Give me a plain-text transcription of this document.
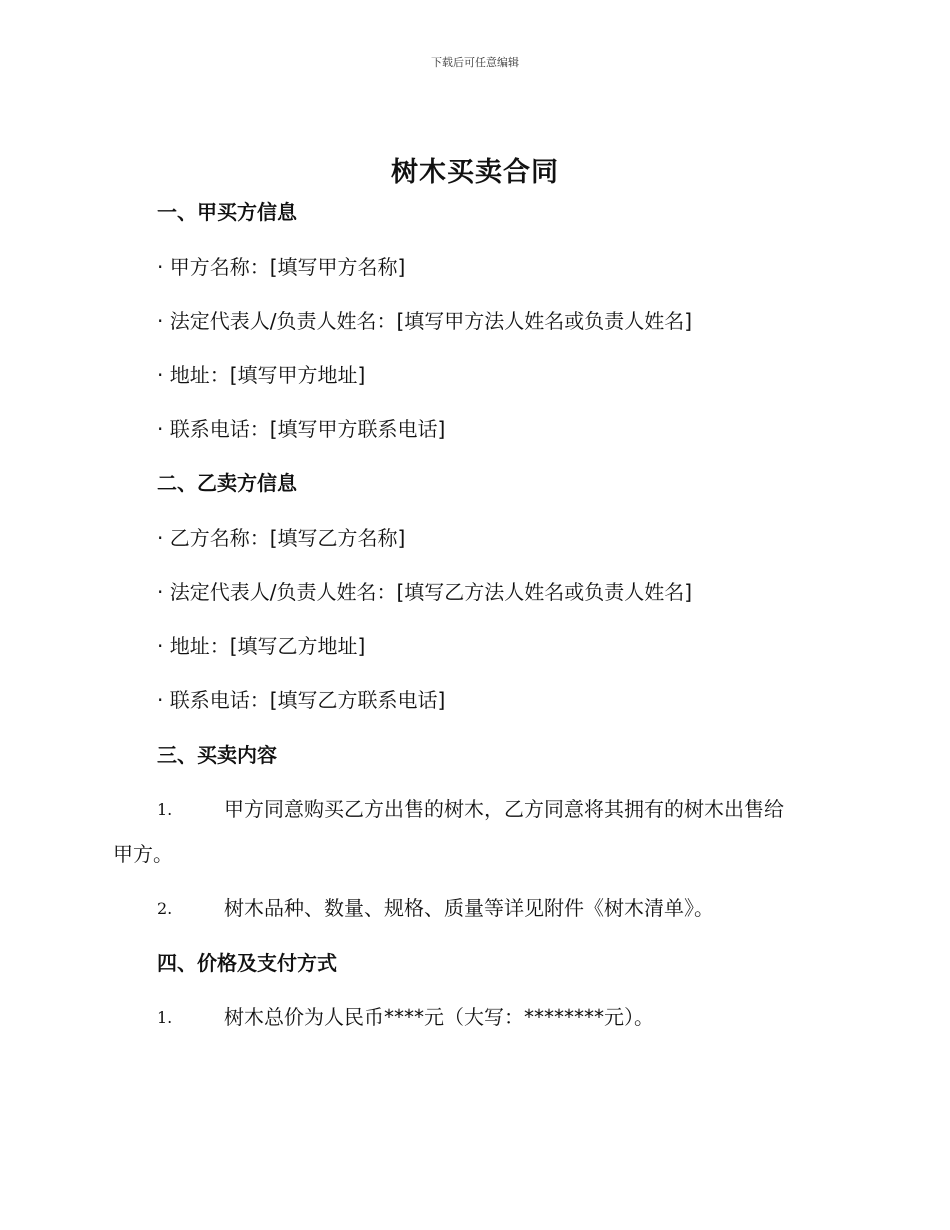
下载后可任意编辑
树木买卖合同
一、甲买方信息
· 甲方名称：[填写甲方名称]
· 法定代表人/负责人姓名：[填写甲方法人姓名或负责人姓名]
· 地址：[填写甲方地址]
· 联系电话：[填写甲方联系电话]
二、乙卖方信息
· 乙方名称：[填写乙方名称]
· 法定代表人/负责人姓名：[填写乙方法人姓名或负责人姓名]
· 地址：[填写乙方地址]
· 联系电话：[填写乙方联系电话]
三、买卖内容
1.	甲方同意购买乙方出售的树木，乙方同意将其拥有的树木出售给
甲方。
2.	树木品种、数量、规格、质量等详见附件《树木清单》。
四、价格及支付方式
1.	树木总价为人民币****元（大写：********元）。
